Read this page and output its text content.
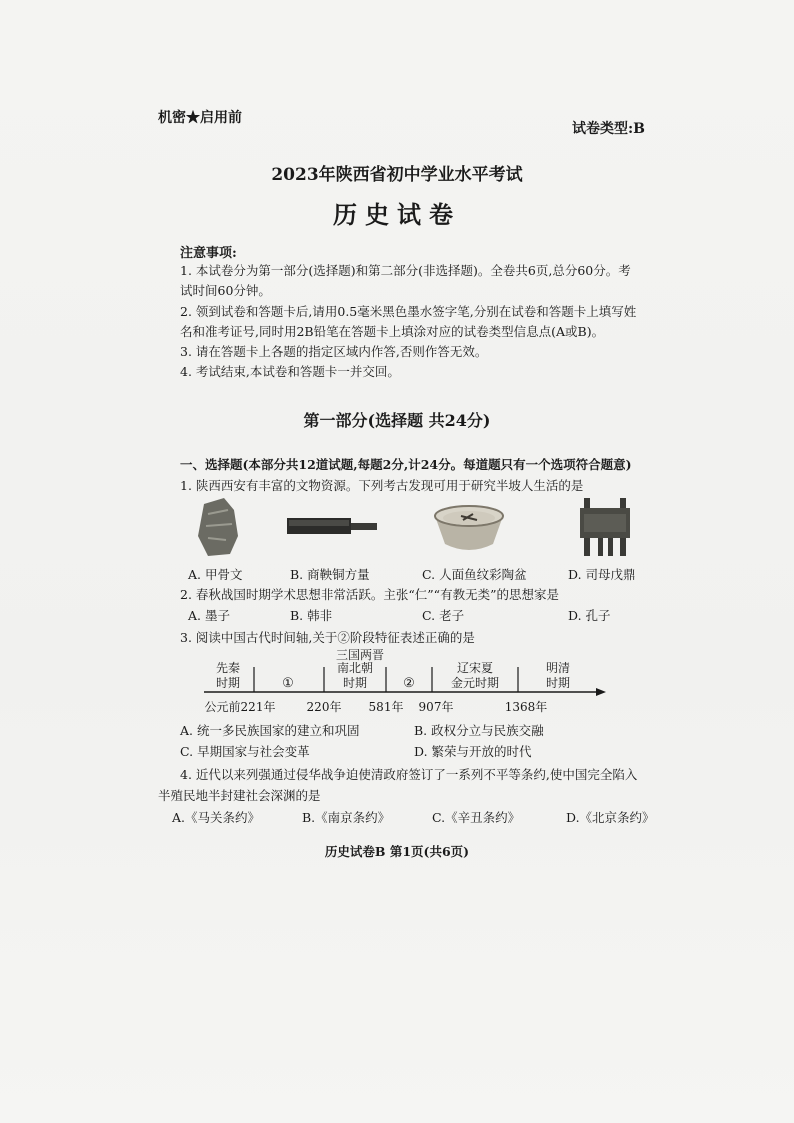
机密★启用前
试卷类型:B
2023年陕西省初中学业水平考试
历史试卷
注意事项:
1. 本试卷分为第一部分(选择题)和第二部分(非选择题)。全卷共6页,总分60分。考试时间60分钟。
2. 领到试卷和答题卡后,请用0.5毫米黑色墨水签字笔,分别在试卷和答题卡上填写姓名和准考证号,同时用2B铅笔在答题卡上填涂对应的试卷类型信息点(A或B)。
3. 请在答题卡上各题的指定区域内作答,否则作答无效。
4. 考试结束,本试卷和答题卡一并交回。
第一部分(选择题 共24分)
一、选择题(本部分共12道试题,每题2分,计24分。每道题只有一个选项符合题意)
1. 陕西西安有丰富的文物资源。下列考古发现可用于研究半坡人生活的是
A. 甲骨文	B. 商鞅铜方量	C. 人面鱼纹彩陶盆	D. 司母戊鼎
2. 春秋战国时期学术思想非常活跃。主张“仁”“有教无类”的思想家是
A. 墨子	B. 韩非	C. 老子	D. 孔子
3. 阅读中国古代时间轴,关于②阶段特征表述正确的是
三国两晋
先秦时期	①
南北朝时期	②
辽宋夏金元时期
明清时期
公元前221年	220年 581年 907年	1368年
A. 统一多民族国家的建立和巩固	B. 政权分立与民族交融
C. 早期国家与社会变革	D. 繁荣与开放的时代
4. 近代以来列强通过侵华战争迫使清政府签订了一系列不平等条约,使中国完全陷入
半殖民地半封建社会深渊的是
A.《马关条约》	B.《南京条约》	C.《辛丑条约》	D.《北京条约》
历史试卷B 第1页(共6页)
